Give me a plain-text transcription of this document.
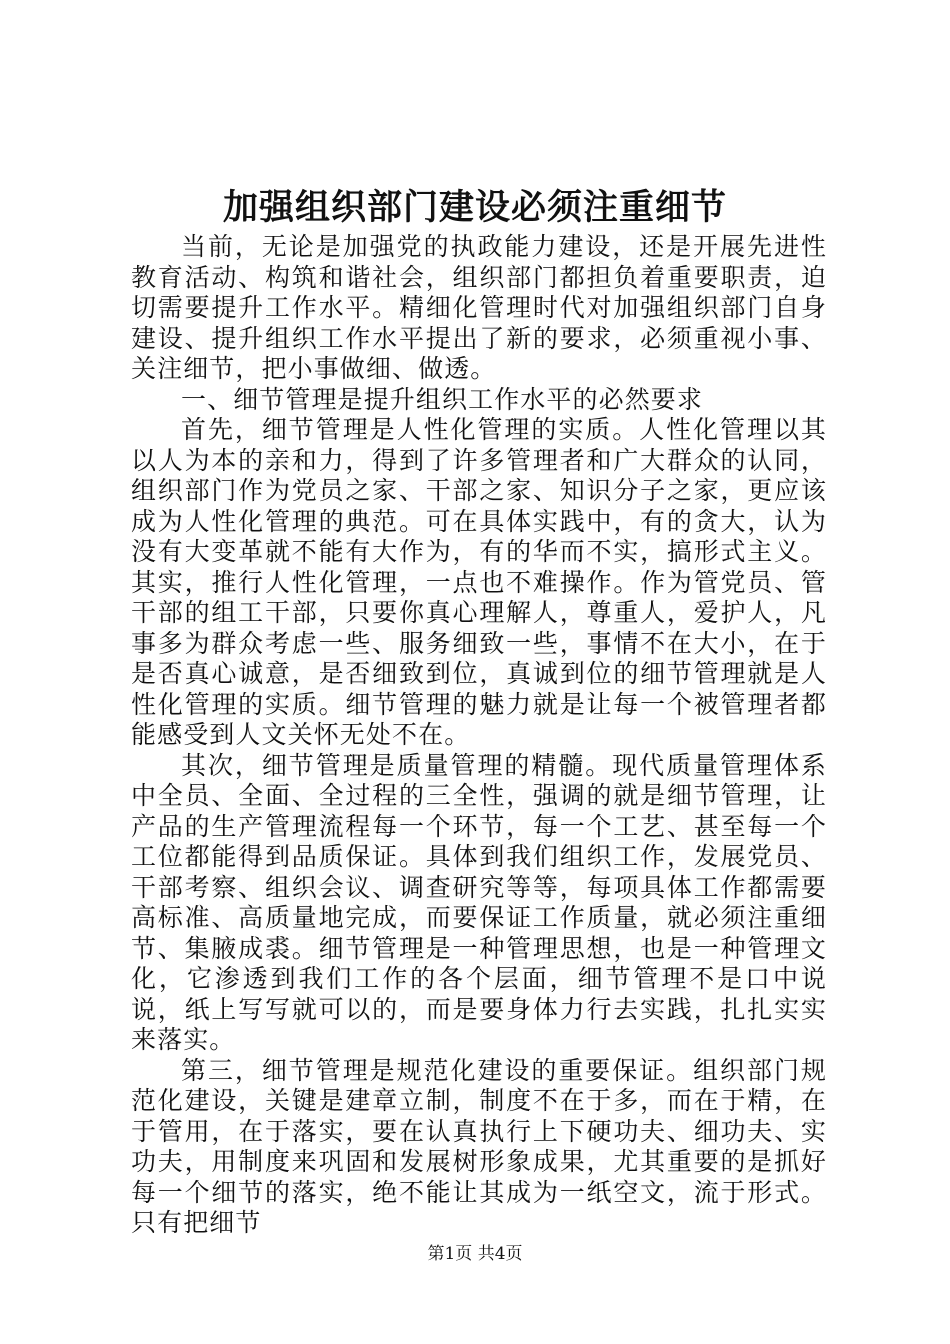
加强组织部门建设必须注重细节

当前，无论是加强党的执政能力建设，还是开展先进性教育活动、构筑和谐社会，组织部门都担负着重要职责，迫切需要提升工作水平。精细化管理时代对加强组织部门自身建设、提升组织工作水平提出了新的要求，必须重视小事、关注细节，把小事做细、做透。

一、细节管理是提升组织工作水平的必然要求

首先，细节管理是人性化管理的实质。人性化管理以其以人为本的亲和力，得到了许多管理者和广大群众的认同，组织部门作为党员之家、干部之家、知识分子之家，更应该成为人性化管理的典范。可在具体实践中，有的贪大，认为没有大变革就不能有大作为，有的华而不实，搞形式主义。其实，推行人性化管理，一点也不难操作。作为管党员、管干部的组工干部，只要你真心理解人，尊重人，爱护人，凡事多为群众考虑一些、服务细致一些，事情不在大小，在于是否真心诚意，是否细致到位，真诚到位的细节管理就是人性化管理的实质。细节管理的魅力就是让每一个被管理者都能感受到人文关怀无处不在。

其次，细节管理是质量管理的精髓。现代质量管理体系中全员、全面、全过程的三全性，强调的就是细节管理，让产品的生产管理流程每一个环节，每一个工艺、甚至每一个工位都能得到品质保证。具体到我们组织工作，发展党员、干部考察、组织会议、调查研究等等，每项具体工作都需要高标准、高质量地完成，而要保证工作质量，就必须注重细节、集腋成裘。细节管理是一种管理思想，也是一种管理文化，它渗透到我们工作的各个层面，细节管理不是口中说说，纸上写写就可以的，而是要身体力行去实践，扎扎实实来落实。

第三，细节管理是规范化建设的重要保证。组织部门规范化建设，关键是建章立制，制度不在于多，而在于精，在于管用，在于落实，要在认真执行上下硬功夫、细功夫、实功夫，用制度来巩固和发展树形象成果，尤其重要的是抓好每一个细节的落实，绝不能让其成为一纸空文，流于形式。只有把细节

第1页 共4页
